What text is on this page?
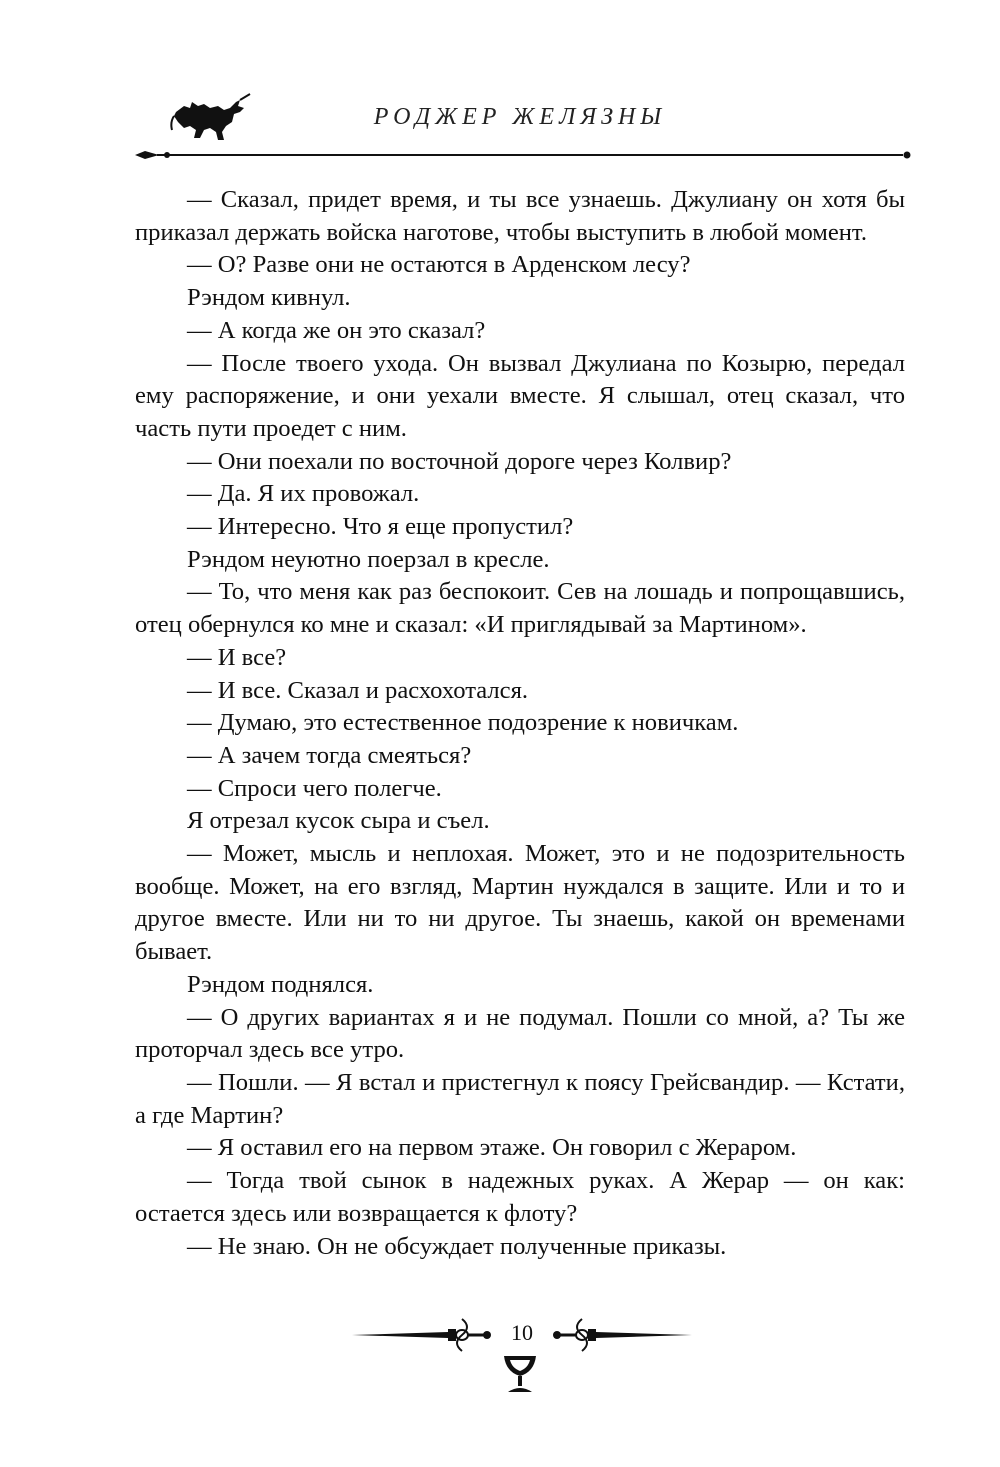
РОДЖЕР ЖЕЛЯЗНЫ

— Сказал, придет время, и ты все узнаешь. Джулиану он хотя бы приказал держать войска наготове, чтобы выступить в любой момент.

— О? Разве они не остаются в Арденском лесу?

Рэндом кивнул.

— А когда же он это сказал?

— После твоего ухода. Он вызвал Джулиана по Козырю, передал ему распоряжение, и они уехали вместе. Я слышал, отец сказал, что часть пути проедет с ним.

— Они поехали по восточной дороге через Колвир?

— Да. Я их провожал.

— Интересно. Что я еще пропустил?

Рэндом неуютно поерзал в кресле.

— То, что меня как раз беспокоит. Сев на лошадь и попрощавшись, отец обернулся ко мне и сказал: «И приглядывай за Мартином».

— И все?

— И все. Сказал и расхохотался.

— Думаю, это естественное подозрение к новичкам.

— А зачем тогда смеяться?

— Спроси чего полегче.

Я отрезал кусок сыра и съел.

— Может, мысль и неплохая. Может, это и не подозрительность вообще. Может, на его взгляд, Мартин нуждался в защите. Или и то и другое вместе. Или ни то ни другое. Ты знаешь, какой он временами бывает.

Рэндом поднялся.

— О других вариантах я и не подумал. Пошли со мной, а? Ты же проторчал здесь все утро.

— Пошли. — Я встал и пристегнул к поясу Грейсвандир. — Кстати, а где Мартин?

— Я оставил его на первом этаже. Он говорил с Жераром.

— Тогда твой сынок в надежных руках. А Жерар — он как: остается здесь или возвращается к флоту?

— Не знаю. Он не обсуждает полученные приказы.

10
